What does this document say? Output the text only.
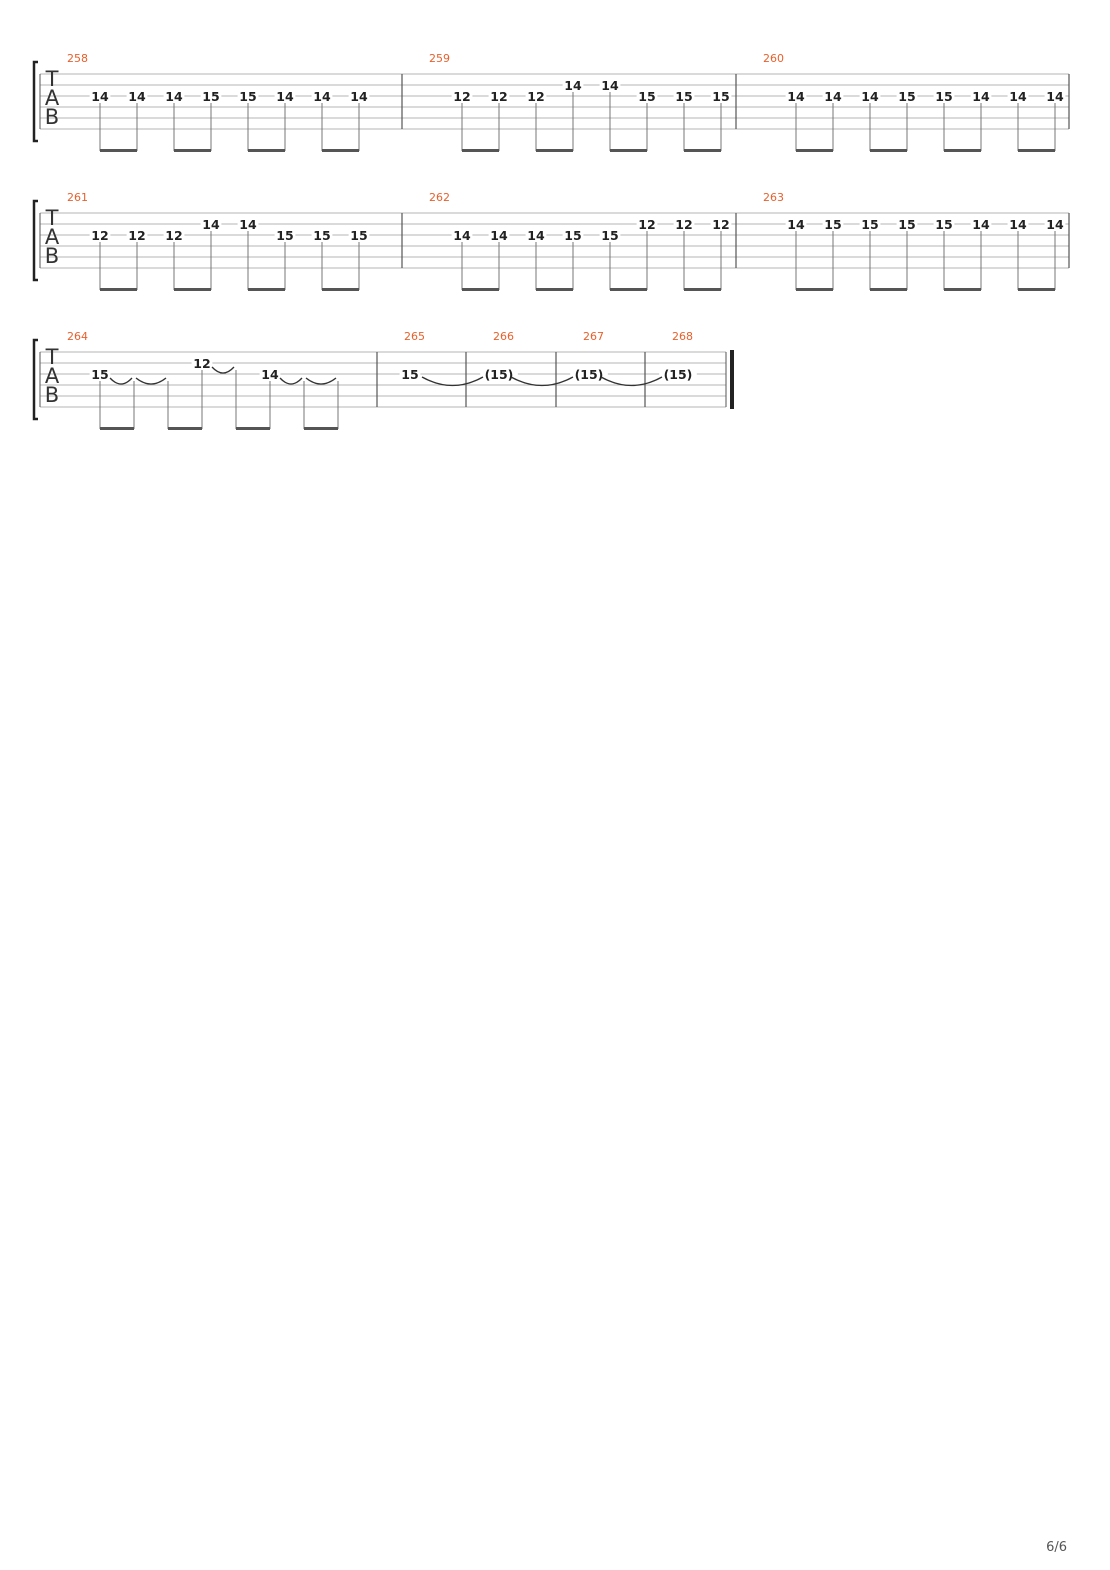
T
A
B
258
14 14 14 15 15 14 14 14
259
12 12 12
14 14
15 15 15
260
14 14 14 15 15 14 14 14
T
A
B
261
12 12 12
14 14
15 15 15
262
14 14 14 15 15
12 12 12
263
14 15 15 15 15 14 14 14
T
A
B
264
15
12
14
265
15
266
(15)
267
(15)
268
(15)
6/6
